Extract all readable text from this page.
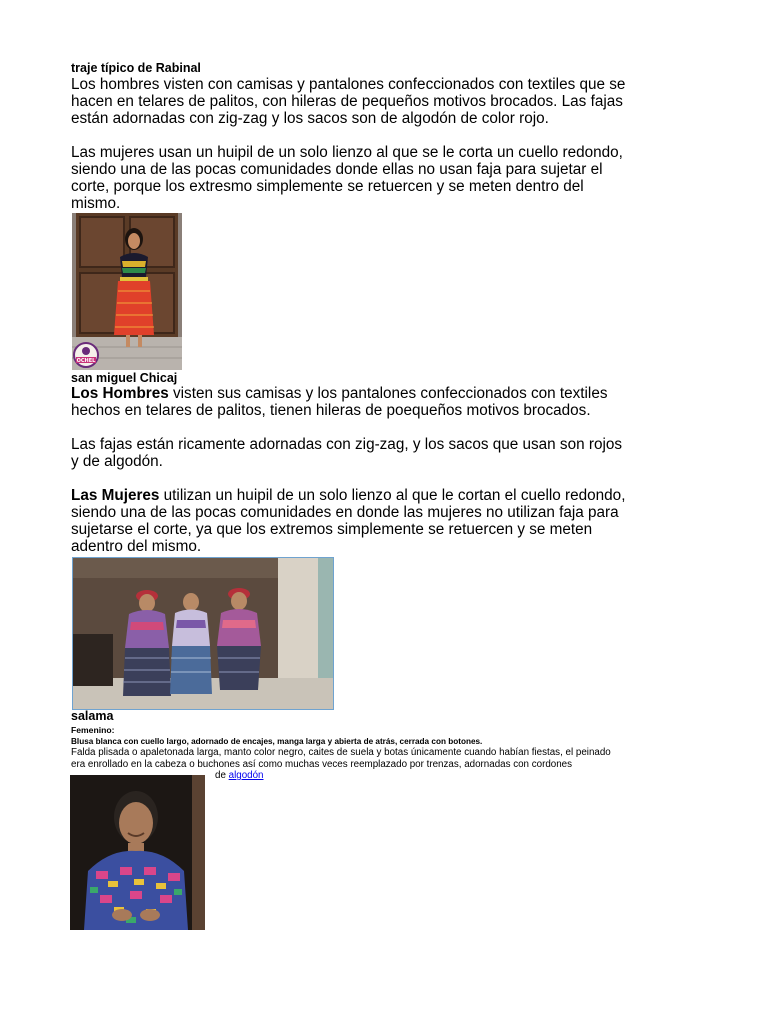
traje típico de Rabinal
Los hombres visten con camisas y pantalones confeccionados con textiles que se
hacen en telares de palitos, con hileras de pequeños motivos brocados. Las fajas
están adornadas con zig-zag y los sacos son de algodón de color rojo.
Las mujeres usan un huipil de un solo lienzo al que se le corta un cuello redondo,
siendo una de las pocas comunidades donde ellas no usan faja para sujetar el
corte, porque los extresmo simplemente se retuercen y se meten dentro del
mismo.
OCHEL
san miguel Chicaj
Los Hombres visten sus camisas y los pantalones confeccionados con textiles
hechos en telares de palitos, tienen hileras de poequeños motivos brocados.
Las fajas están ricamente adornadas con zig-zag, y los sacos que usan son rojos
y de algodón.
Las Mujeres utilizan un huipil de un solo lienzo al que le cortan el cuello redondo,
siendo una de las pocas comunidades en donde las mujeres no utilizan faja para
sujetarse el corte, ya que los extremos simplemente se retuercen y se meten
adentro del mismo.
salama
Femenino:
Blusa blanca con cuello largo, adornado de encajes, manga larga y abierta de atrás, cerrada con botones.
Falda plisada o apaletonada larga, manto color negro, caites de suela y botas únicamente cuando habían fiestas, el peinado
era enrollado en la cabeza o buchones así como muchas veces reemplazado por trenzas, adornadas con cordones
de algodón
